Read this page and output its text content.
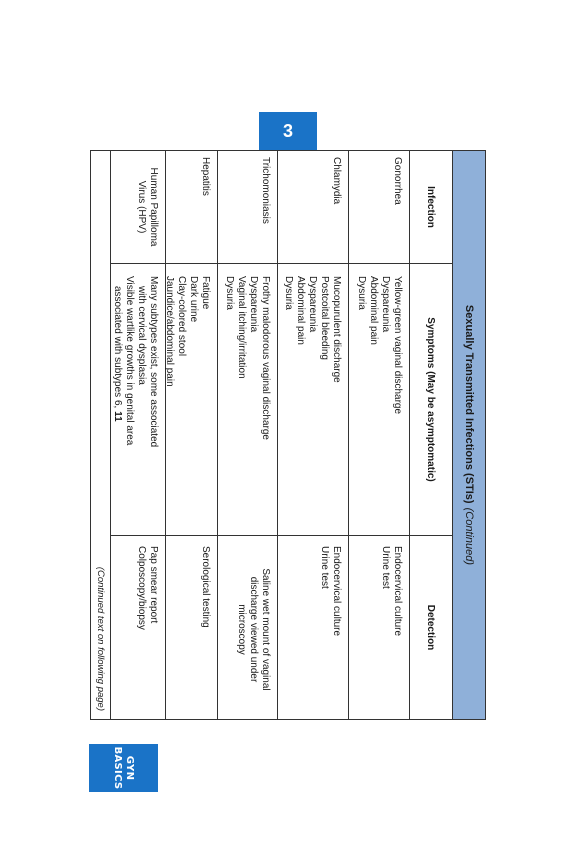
3
GYN
BASICS
Sexually Transmitted Infections (STIs)
(Continued)
Infection
Symptoms (May be asymptomatic)
Detection
Gonorrhea
Yellow-green vaginal discharge
Dyspareunia
Abdominal pain
Dysuria
Endocervical culture
Urine test
Chlamydia
Mucopurulent discharge
Postcoital bleeding
Dyspareunia
Abdominal pain
Dysuria
Endocervical culture
Urine test
Trichomoniasis
Frothy malodorous vaginal discharge
Dyspareunia
Vaginal itching/irritation
Dysuria
Saline wet mount of vaginal
discharge viewed under
microscopy
Hepatitis
Fatigue
Dark urine
Clay-colored stool
Jaundice/abdominal pain
Serological testing
Human Papilloma
Virus (HPV)
Many subtypes exist, some associated
with cervical dysplasia
Visible wartlike growths in genital area
associated with subtypes 6, 11
Pap smear report
Colposcopy/biopsy
(Continued text on following page)
